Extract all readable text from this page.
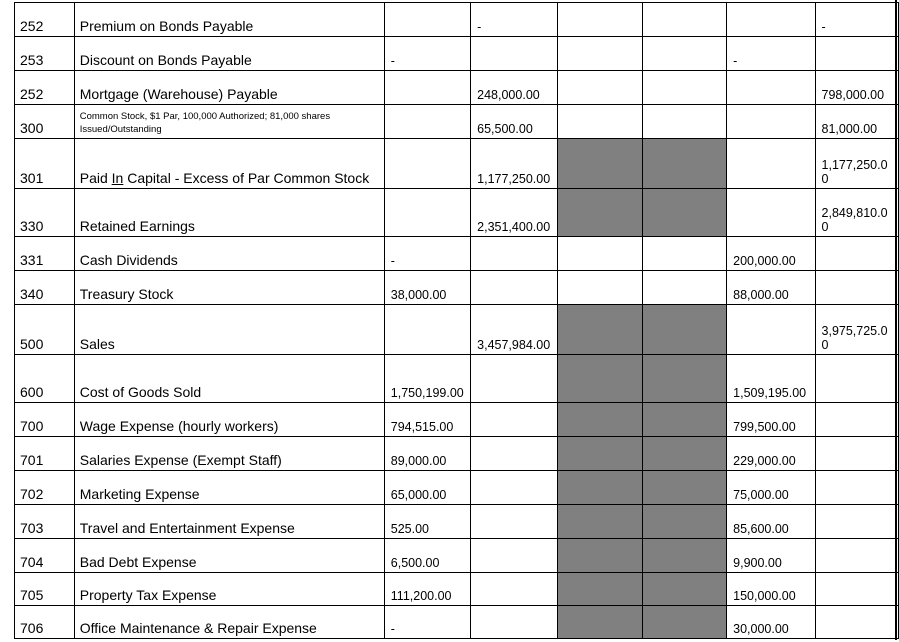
252	Premium on Bonds Payable		-				-
253	Discount on Bonds Payable	-				-	
252	Mortgage (Warehouse) Payable		248,000.00				798,000.00
300	Common Stock, $1 Par, 100,000 Authorized; 81,000 shares Issued/Outstanding		65,500.00				81,000.00
301	Paid In Capital - Excess of Par Common Stock		1,177,250.00				1,177,250.00
330	Retained Earnings		2,351,400.00				2,849,810.00
331	Cash Dividends	-				200,000.00	
340	Treasury Stock	38,000.00				88,000.00	
500	Sales		3,457,984.00				3,975,725.00
600	Cost of Goods Sold	1,750,199.00				1,509,195.00	
700	Wage Expense (hourly workers)	794,515.00				799,500.00	
701	Salaries Expense (Exempt Staff)	89,000.00				229,000.00	
702	Marketing Expense	65,000.00				75,000.00	
703	Travel and Entertainment Expense	525.00				85,600.00	
704	Bad Debt Expense	6,500.00				9,900.00	
705	Property Tax Expense	111,200.00				150,000.00	
706	Office Maintenance & Repair Expense	-				30,000.00	
